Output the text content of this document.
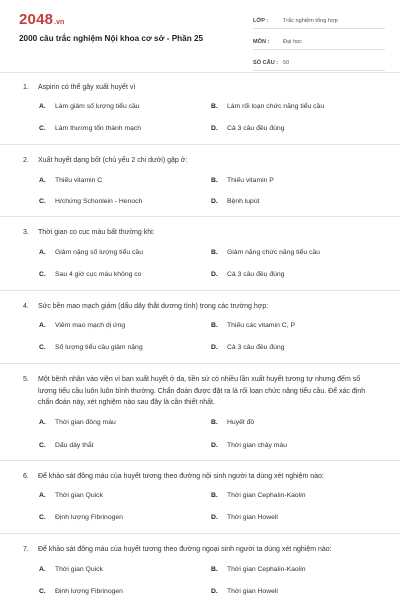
2048 .vn
2000 câu trắc nghiệm Nội khoa cơ sở - Phần 25
LỚP :	Trắc nghiệm tổng hợp
MÔN :	Đại học
SỐ CÂU : 50
1.	Aspirin có thể gây xuất huyết vì
A. Làm giảm số lượng tiểu cầu	B. Làm rối loạn chức năng tiểu cầu
C. Làm thương tổn thành mạch	D. Cả 3 câu đều đúng
2.	Xuất huyết dạng bốt (chủ yếu 2 chi dưới) gặp ở:
A. Thiếu vitamin C	B. Thiếu vitamin P
C. H/chứng Schonlein - Henoch	D. Bệnh lupút
3.	Thời gian co cục máu bất thường khi:
A. Giảm nặng số lượng tiểu cầu	B. Giảm nặng chức năng tiểu cầu
C. Sau 4 giờ cục máu không co	D. Cả 3 câu đều đúng
4.	Sức bền mao mạch giảm (dấu dây thắt dương tính) trong các trường hợp:
A. Viêm mao mạch dị ứng	B. Thiếu các vitamin C, P
C. Số lượng tiểu cầu giảm nặng	D. Cả 3 câu đều đúng
5.	Một bệnh nhân vào viện vì ban xuất huyết ở da, tiền sử có nhiều lần xuất huyết tương tự nhưng đếm số lượng tiểu cầu luôn luôn bình thường. Chẩn đoán được đặt ra là rối loạn chức năng tiểu cầu. Để xác định chẩn đoán này, xét nghiệm nào sau đây là cần thiết nhất.
A. Thời gian đông máu	B. Huyết đồ
C. Dấu dây thắt	D. Thời gian chảy máu
6.	Để khảo sát đông máu của huyết tương theo đường nội sinh người ta dùng xét nghiệm nào:
A. Thời gian Quick	B. Thời gian Cephalin-Kaolin
C. Định lượng Fibrinogen	D. Thời gian Howell
7.	Để khảo sát đông máu của huyết tương theo đường ngoại sinh người ta dùng xét nghiệm nào:
A. Thời gian Quick	B. Thời gian Cephalin-Kaolin
C. Định lượng Fibrinogen	D. Thời gian Howell
